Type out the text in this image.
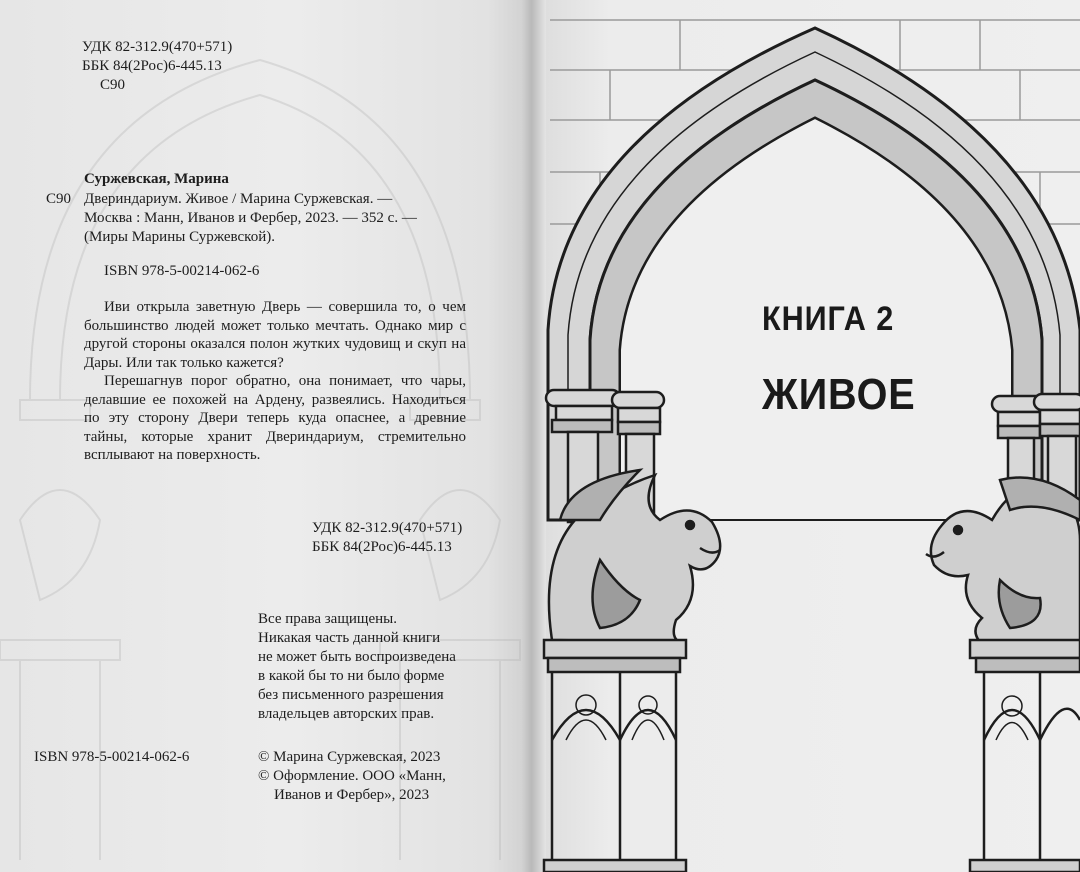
УДК 82-312.9(470+571)
ББК 84(2Рос)6-445.13
С90
Суржевская, Марина
С90 Двериндариум. Живое / Марина Суржевская. —
Москва : Манн, Иванов и Фербер, 2023. — 352 с. —
(Миры Марины Суржевской).
ISBN 978-5-00214-062-6

Иви открыла заветную Дверь — совершила то, о чем большинство людей может только мечтать. Однако мир с другой стороны оказался полон жутких чудовищ и скуп на Дары. Или так только кажется?

Перешагнув порог обратно, она понимает, что чары, делавшие ее похожей на Ардену, развеялись. Находиться по эту сторону Двери теперь куда опаснее, а древние тайны, которые хранит Двериндариум, стремительно всплывают на поверхность.

УДК 82-312.9(470+571)
ББК 84(2Рос)6-445.13
Все права защищены.
Никакая часть данной книги
не может быть воспроизведена
в какой бы то ни было форме
без письменного разрешения
владельцев авторских прав.
ISBN 978-5-00214-062-6	© Марина Суржевская, 2023
© Оформление. ООО «Манн,
Иванов и Фербер», 2023
КНИГА 2
ЖИВОЕ
